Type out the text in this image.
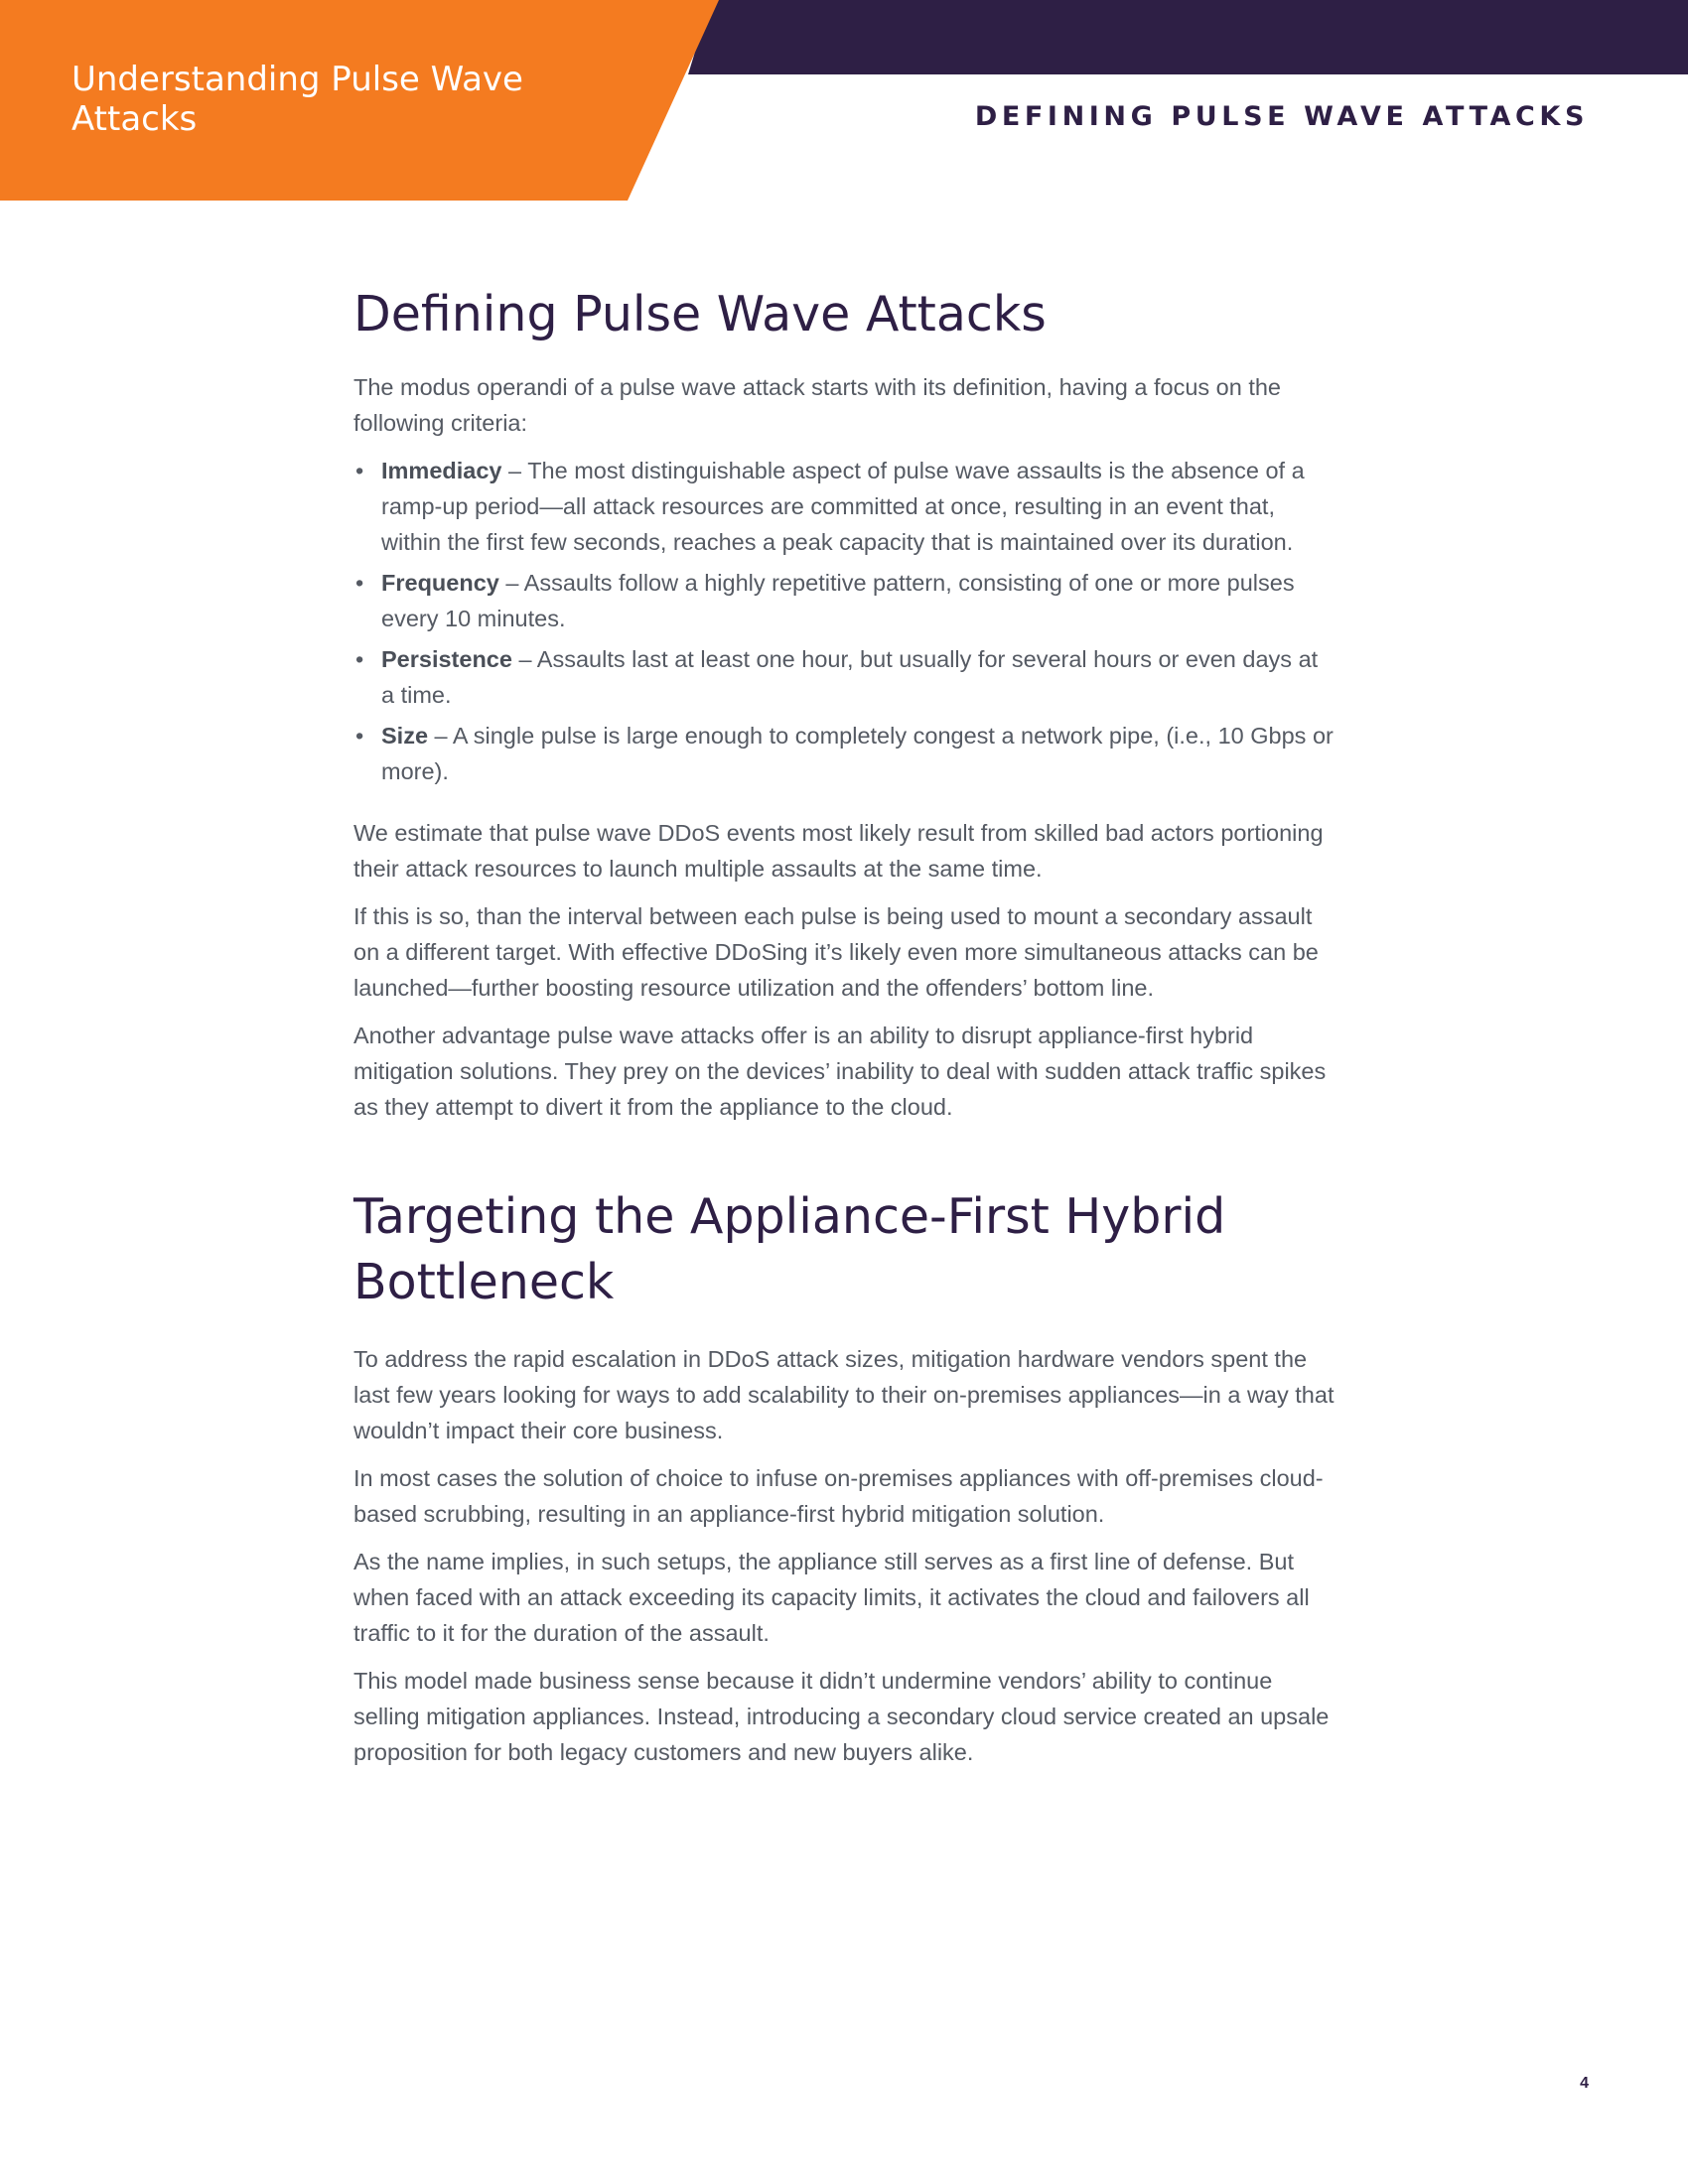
Understanding Pulse Wave Attacks	DEFINING PULSE WAVE ATTACKS
Defining Pulse Wave Attacks

The modus operandi of a pulse wave attack starts with its definition, having a focus on the following criteria:

• Immediacy – The most distinguishable aspect of pulse wave assaults is the absence of a ramp-up period—all attack resources are committed at once, resulting in an event that, within the first few seconds, reaches a peak capacity that is maintained over its duration.
• Frequency – Assaults follow a highly repetitive pattern, consisting of one or more pulses every 10 minutes.
• Persistence – Assaults last at least one hour, but usually for several hours or even days at a time.
• Size – A single pulse is large enough to completely congest a network pipe, (i.e., 10 Gbps or more).

We estimate that pulse wave DDoS events most likely result from skilled bad actors portioning their attack resources to launch multiple assaults at the same time.

If this is so, than the interval between each pulse is being used to mount a secondary assault on a different target. With effective DDoSing it’s likely even more simultaneous attacks can be launched—further boosting resource utilization and the offenders’ bottom line.

Another advantage pulse wave attacks offer is an ability to disrupt appliance-first hybrid mitigation solutions. They prey on the devices’ inability to deal with sudden attack traffic spikes as they attempt to divert it from the appliance to the cloud.

Targeting the Appliance-First Hybrid Bottleneck

To address the rapid escalation in DDoS attack sizes, mitigation hardware vendors spent the last few years looking for ways to add scalability to their on-premises appliances—in a way that wouldn’t impact their core business.

In most cases the solution of choice to infuse on-premises appliances with off-premises cloud-based scrubbing, resulting in an appliance-first hybrid mitigation solution.

As the name implies, in such setups, the appliance still serves as a first line of defense. But when faced with an attack exceeding its capacity limits, it activates the cloud and failovers all traffic to it for the duration of the assault.

This model made business sense because it didn’t undermine vendors’ ability to continue selling mitigation appliances. Instead, introducing a secondary cloud service created an upsale proposition for both legacy customers and new buyers alike.

4
